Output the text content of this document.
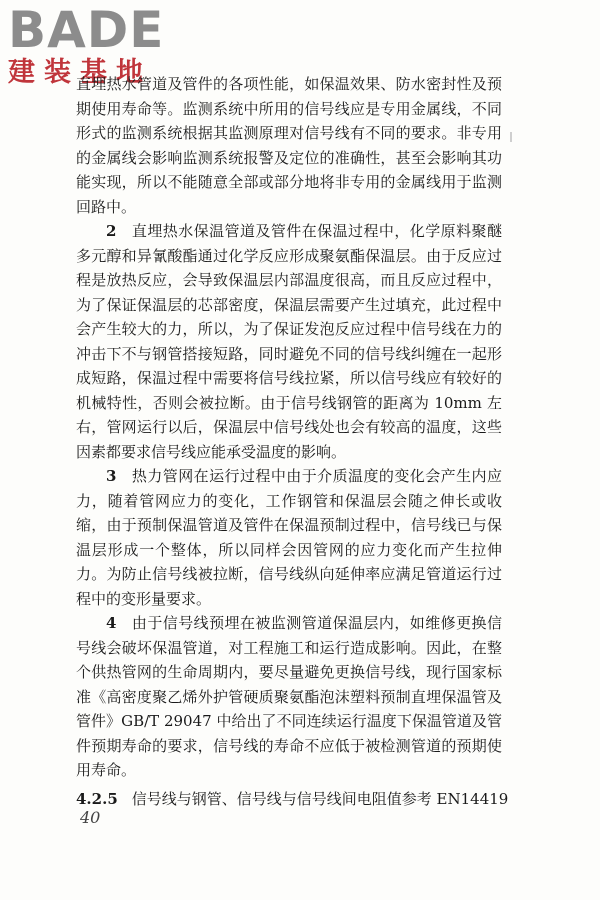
BADE
建装基地
直埋热水管道及管件的各项性能，如保温效果、防水密封性及预
期使用寿命等。监测系统中所用的信号线应是专用金属线，不同
形式的监测系统根据其监测原理对信号线有不同的要求。非专用
的金属线会影响监测系统报警及定位的准确性，甚至会影响其功
能实现，所以不能随意全部或部分地将非专用的金属线用于监测
回路中。
2  直埋热水保温管道及管件在保温过程中，化学原料聚醚
多元醇和异氰酸酯通过化学反应形成聚氨酯保温层。由于反应过
程是放热反应，会导致保温层内部温度很高，而且反应过程中，
为了保证保温层的芯部密度，保温层需要产生过填充，此过程中
会产生较大的力，所以，为了保证发泡反应过程中信号线在力的
冲击下不与钢管搭接短路，同时避免不同的信号线纠缠在一起形
成短路，保温过程中需要将信号线拉紧，所以信号线应有较好的
机械特性，否则会被拉断。由于信号线钢管的距离为 10mm 左
右，管网运行以后，保温层中信号线处也会有较高的温度，这些
因素都要求信号线应能承受温度的影响。
3  热力管网在运行过程中由于介质温度的变化会产生内应
力，随着管网应力的变化，工作钢管和保温层会随之伸长或收
缩，由于预制保温管道及管件在保温预制过程中，信号线已与保
温层形成一个整体，所以同样会因管网的应力变化而产生拉伸
力。为防止信号线被拉断，信号线纵向延伸率应满足管道运行过
程中的变形量要求。
4  由于信号线预埋在被监测管道保温层内，如维修更换信
号线会破坏保温管道，对工程施工和运行造成影响。因此，在整
个供热管网的生命周期内，要尽量避免更换信号线，现行国家标
准《高密度聚乙烯外护管硬质聚氨酯泡沫塑料预制直埋保温管及
管件》GB/T 29047 中给出了不同连续运行温度下保温管道及管
件预期寿命的要求，信号线的寿命不应低于被检测管道的预期使
用寿命。
4.2.5 信号线与钢管、信号线与信号线间电阻值参考 EN14419
40
